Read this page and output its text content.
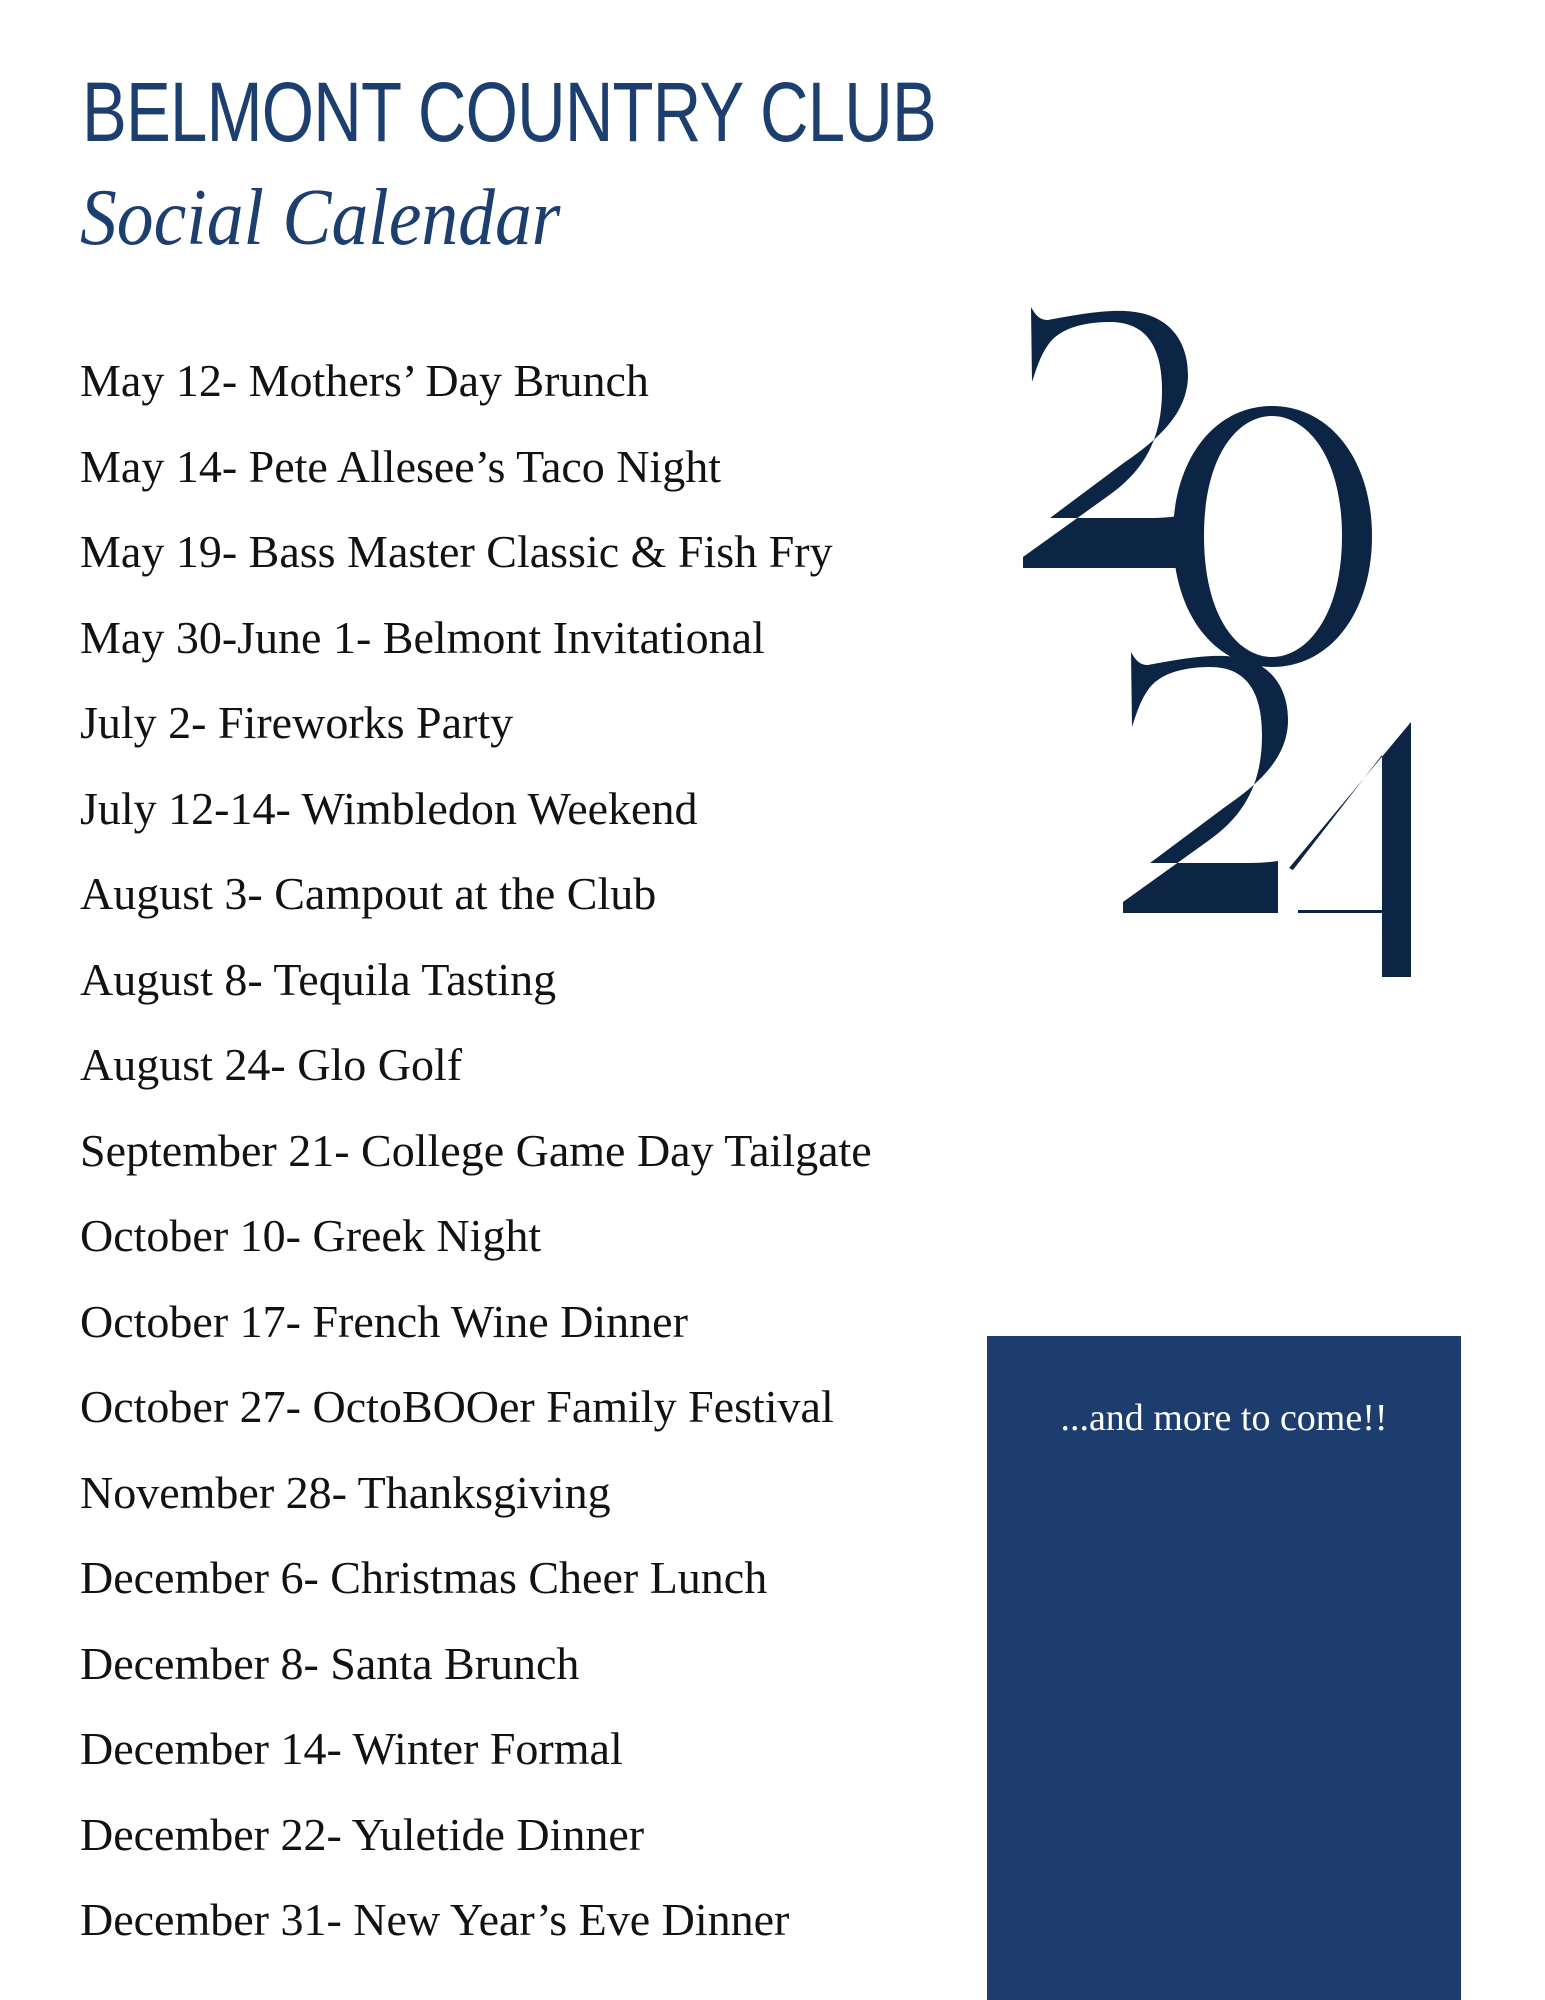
BELMONT COUNTRY CLUB
Social Calendar
May 12- Mothers’ Day Brunch
May 14- Pete Allesee’s Taco Night
May 19- Bass Master Classic & Fish Fry
May 30-June 1- Belmont Invitational
July 2- Fireworks Party
July 12-14- Wimbledon Weekend
August 3- Campout at the Club
August 8- Tequila Tasting
August 24- Glo Golf
September 21- College Game Day Tailgate
October 10- Greek Night
October 17- French Wine Dinner
October 27- OctoBOOer Family Festival
November 28- Thanksgiving
December 6- Christmas Cheer Lunch
December 8- Santa Brunch
December 14- Winter Formal
December 22- Yuletide Dinner
December 31- New Year’s Eve Dinner
...and more to come!!
